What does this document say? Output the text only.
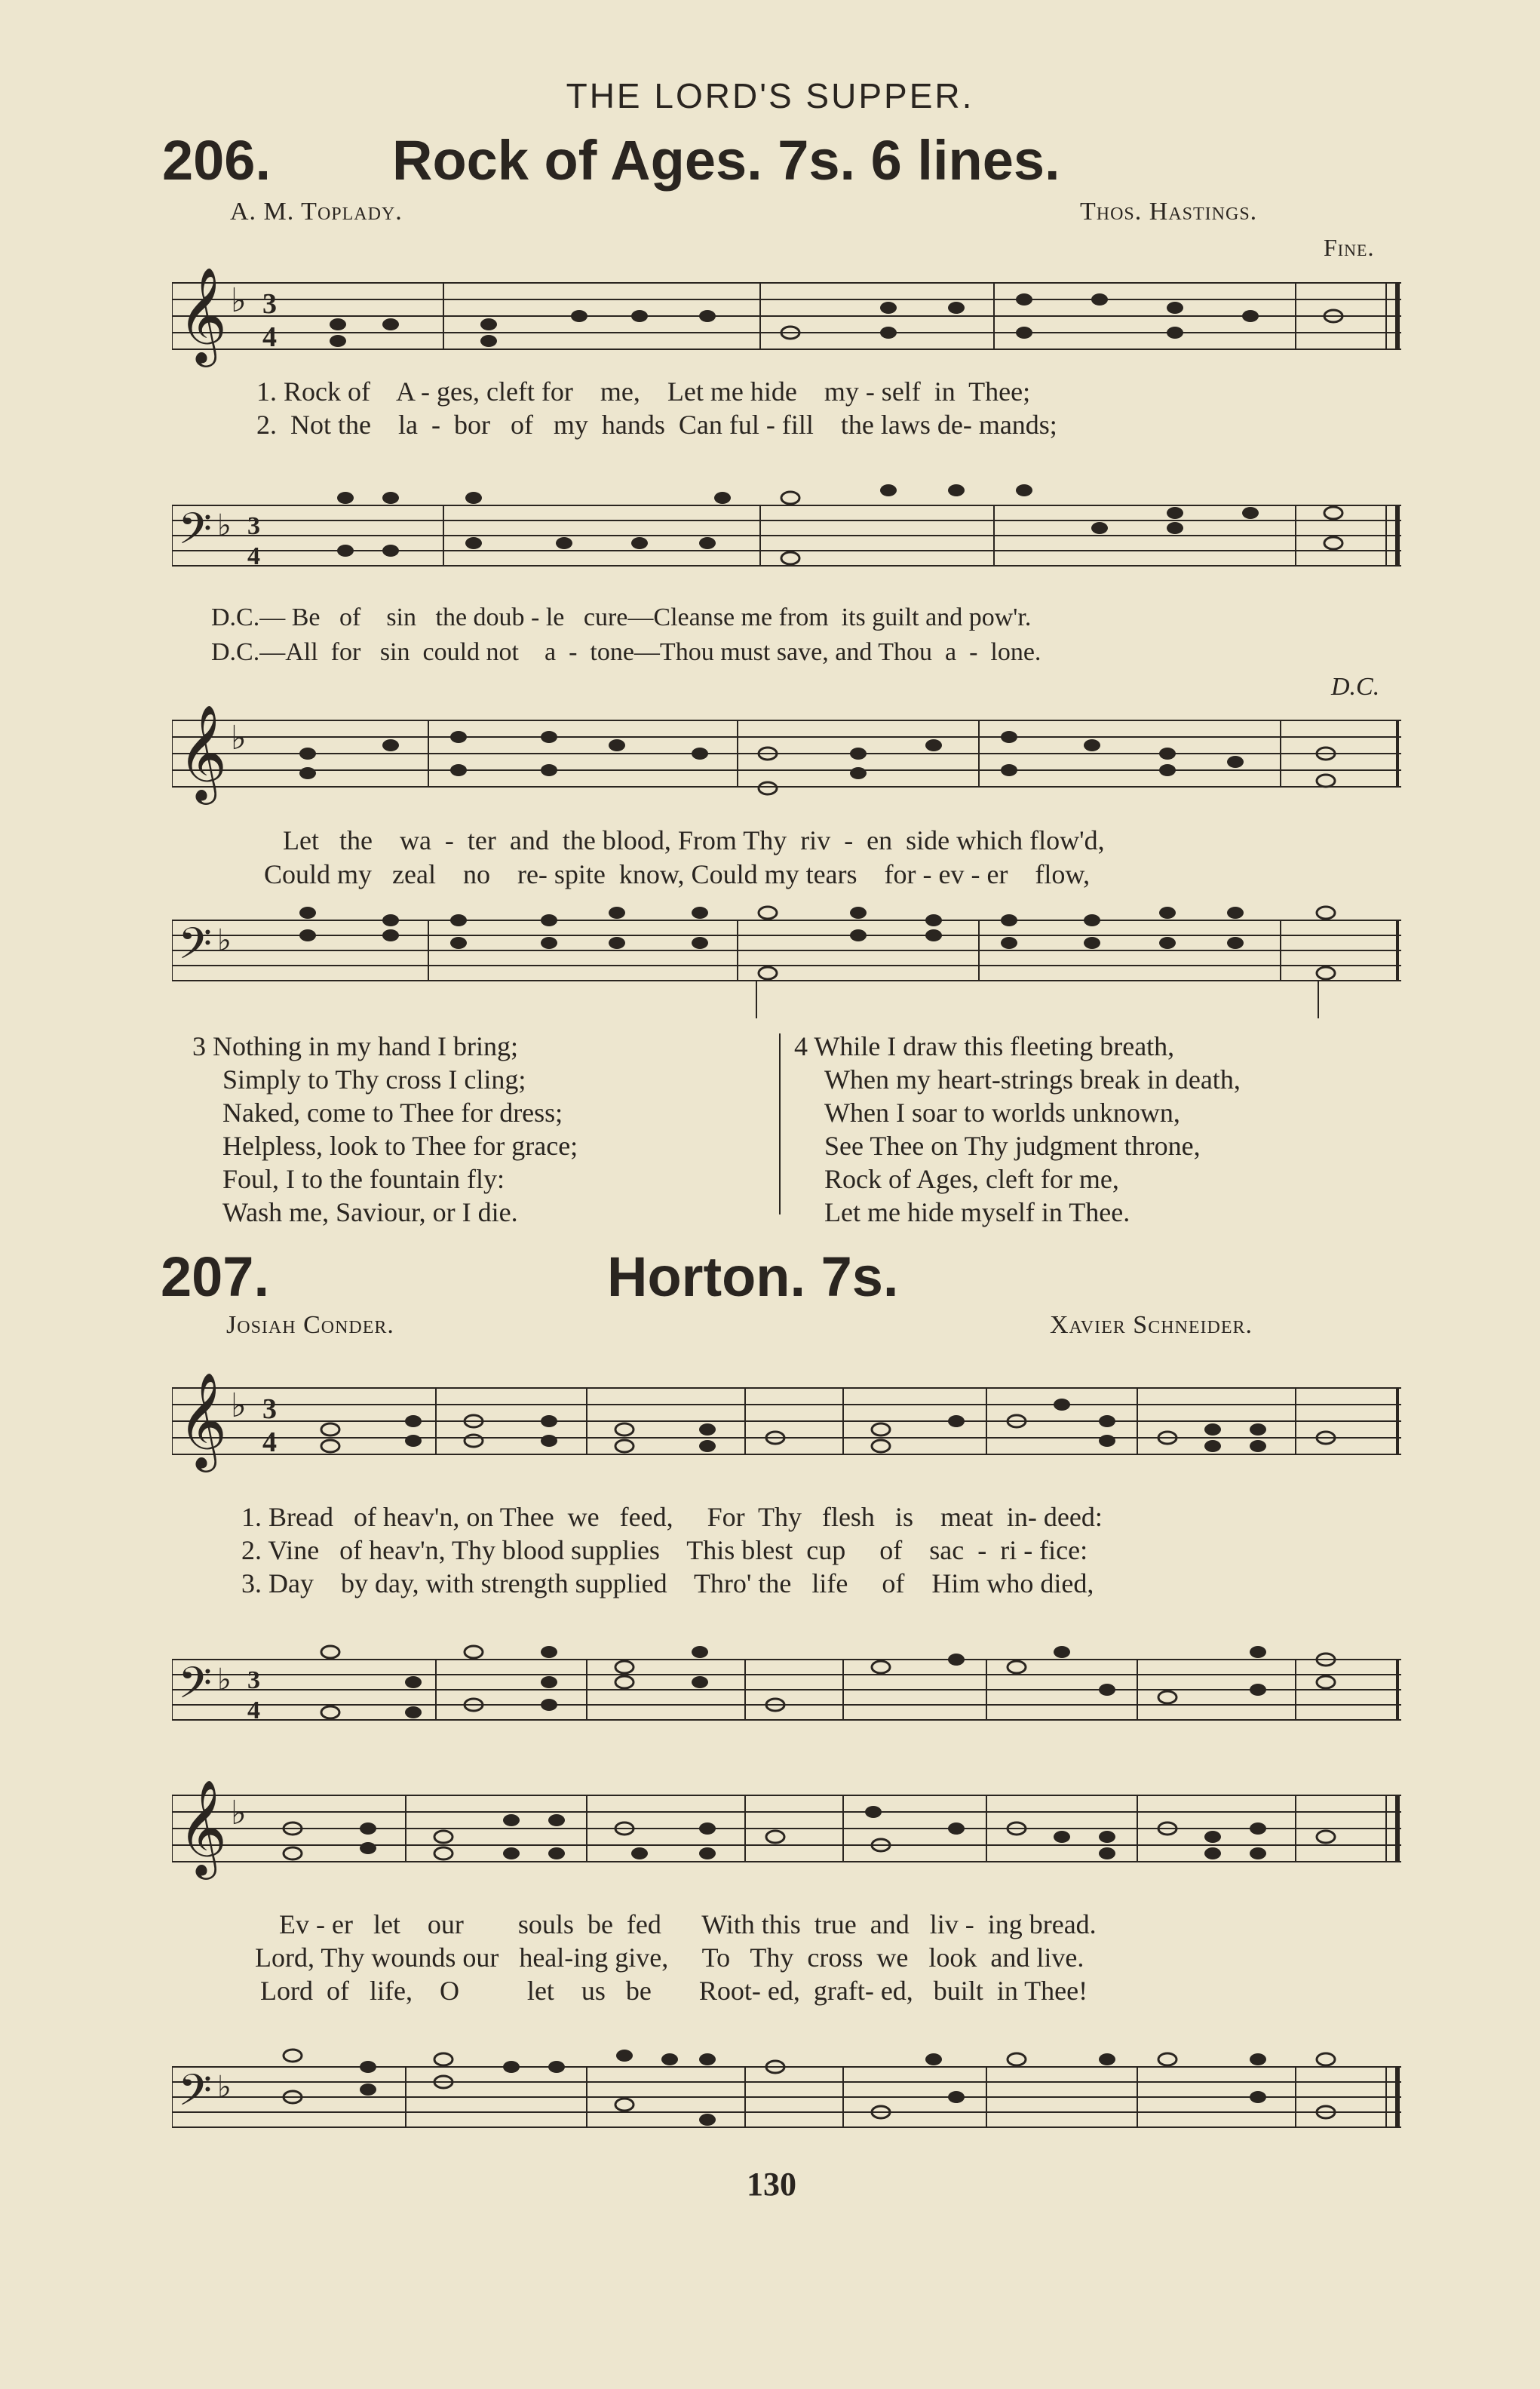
THE LORD'S SUPPER.
206. Rock of Ages. 7s. 6 lines.
A. M. Toplady.	Thos. Hastings.
Fine.
𝄞 ♭ 3
4
1. Rock of    A - ges, cleft for    me,    Let me hide    my - self  in  Thee;
2.  Not the    la  -  bor   of   my  hands  Can ful - fill    the laws de- mands;
𝄢 ♭ 3
4
D.C.— Be   of    sin   the doub - le   cure—Cleanse me from  its guilt and pow'r.
D.C.—All  for   sin  could not    a  -  tone—Thou must save, and Thou  a  -  lone.
D.C.
𝄞 ♭
Let   the    wa  -  ter  and  the blood, From Thy  riv  -  en  side which flow'd,
Could my   zeal    no    re- spite  know, Could my tears    for - ev - er    flow,
𝄢 ♭
3 Nothing in my hand I bring;
Simply to Thy cross I cling;
Naked, come to Thee for dress;
Helpless, look to Thee for grace;
Foul, I to the fountain fly:
Wash me, Saviour, or I die.
4 While I draw this fleeting breath,
When my heart-strings break in death,
When I soar to worlds unknown,
See Thee on Thy judgment throne,
Rock of Ages, cleft for me,
Let me hide myself in Thee.
207.	Horton. 7s.
Josiah Conder.	Xavier Schneider.
𝄞 ♭ 3
4
1. Bread   of heav'n, on Thee  we   feed,     For  Thy   flesh   is    meat  in- deed:
2. Vine   of heav'n, Thy blood supplies    This blest  cup     of    sac  -  ri - fice:
3. Day    by day, with strength supplied    Thro' the   life     of    Him who died,
𝄢 ♭ 3
4
𝄞 ♭
Ev - er   let    our        souls  be  fed      With this  true  and   liv -  ing bread.
Lord, Thy wounds our   heal-ing give,     To   Thy  cross  we   look  and live.
Lord  of   life,    O          let    us   be       Root- ed,  graft- ed,   built  in Thee!
𝄢 ♭
130
